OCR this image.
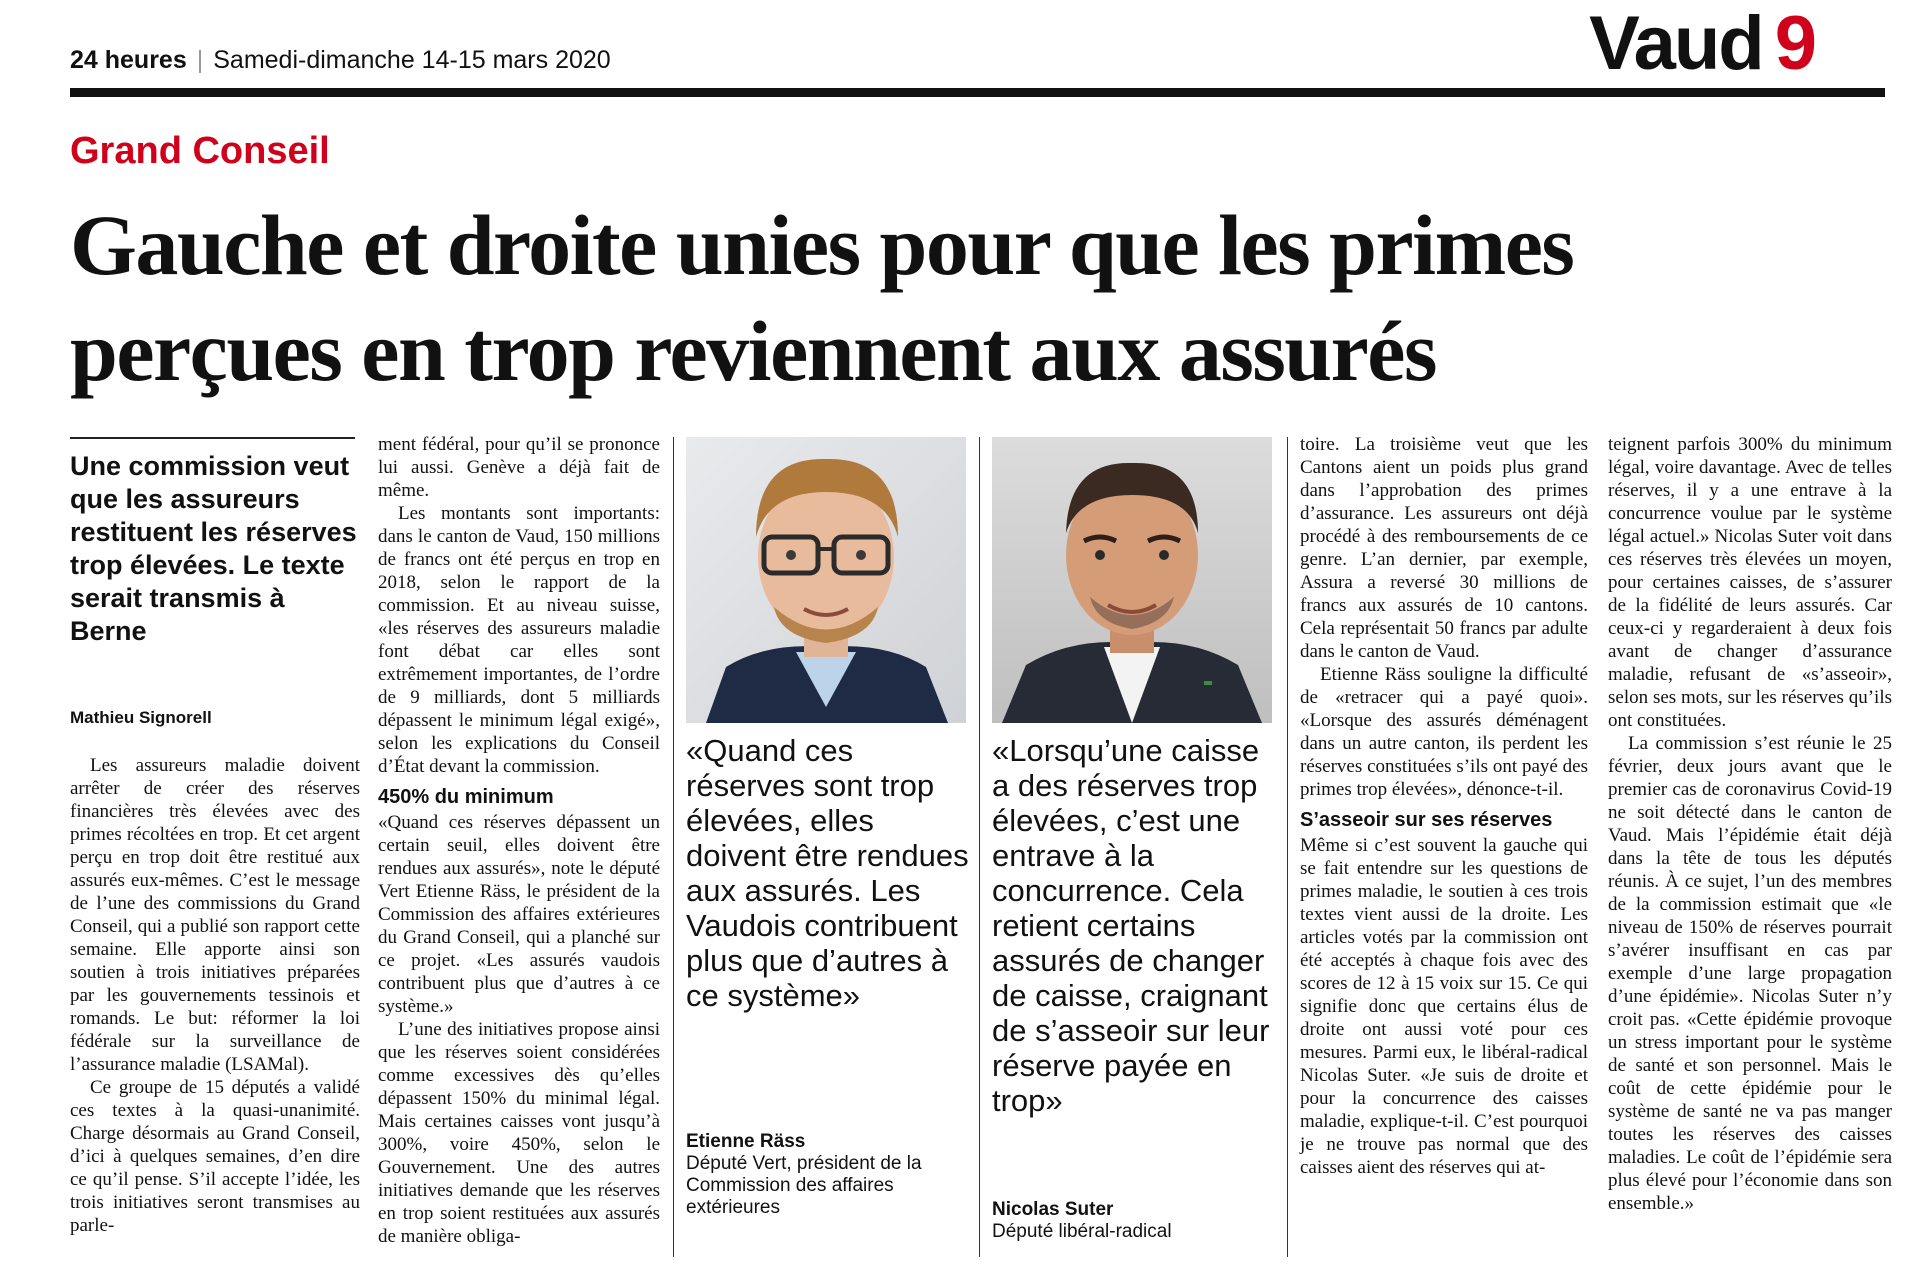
24 heures | Samedi-dimanche 14-15 mars 2020	Vaud 9
Grand Conseil
Gauche et droite unies pour que les primes
perçues en trop reviennent aux assurés
Une commission veut que les assureurs restituent les réserves trop élevées. Le texte serait transmis à Berne
Mathieu Signorell

Les assureurs maladie doivent arrêter de créer des réserves financières très élevées avec des primes récoltées en trop. Et cet argent perçu en trop doit être restitué aux assurés eux-mêmes. C’est le message de l’une des commissions du Grand Conseil, qui a publié son rapport cette semaine. Elle apporte ainsi son soutien à trois initiatives préparées par les gouvernements tessinois et romands. Le but: réformer la loi fédérale sur la surveillance de l’assurance maladie (LSAMal).

Ce groupe de 15 députés a validé ces textes à la quasi-unanimité. Charge désormais au Grand Conseil, d’ici à quelques semaines, d’en dire ce qu’il pense. S’il accepte l’idée, les trois initiatives seront transmises au parle-

ment fédéral, pour qu’il se prononce lui aussi. Genève a déjà fait de même.

Les montants sont importants: dans le canton de Vaud, 150 millions de francs ont été perçus en trop en 2018, selon le rapport de la commission. Et au niveau suisse, «les réserves des assureurs maladie font débat car elles sont extrêmement importantes, de l’ordre de 9 milliards, dont 5 milliards dépassent le minimum légal exigé», selon les explications du Conseil d’État devant la commission.

450% du minimum

«Quand ces réserves dépassent un certain seuil, elles doivent être rendues aux assurés», note le député Vert Etienne Räss, le président de la Commission des affaires extérieures du Grand Conseil, qui a planché sur ce projet. «Les assurés vaudois contribuent plus que d’autres à ce système.»

L’une des initiatives propose ainsi que les réserves soient considérées comme excessives dès qu’elles dépassent 150% du minimal légal. Mais certaines caisses vont jusqu’à 300%, voire 450%, selon le Gouvernement. Une des autres initiatives demande que les réserves en trop soient restituées aux assurés de manière obliga-

«Quand ces réserves sont trop élevées, elles doivent être rendues aux assurés. Les Vaudois contribuent plus que d’autres à ce système»
Etienne Räss
Député Vert, président de la Commission des affaires extérieures
«Lorsqu’une caisse a des réserves trop élevées, c’est une entrave à la concurrence. Cela retient certains assurés de changer de caisse, craignant de s’asseoir sur leur réserve payée en trop»
Nicolas Suter
Député libéral-radical

toire. La troisième veut que les Cantons aient un poids plus grand dans l’approbation des primes d’assurance. Les assureurs ont déjà procédé à des remboursements de ce genre. L’an dernier, par exemple, Assura a reversé 30 millions de francs aux assurés de 10 cantons. Cela représentait 50 francs par adulte dans le canton de Vaud.

Etienne Räss souligne la difficulté de «retracer qui a payé quoi». «Lorsque des assurés déménagent dans un autre canton, ils perdent les réserves constituées s’ils ont payé des primes trop élevées», dénonce-t-il.

S’asseoir sur ses réserves

Même si c’est souvent la gauche qui se fait entendre sur les questions de primes maladie, le soutien à ces trois textes vient aussi de la droite. Les articles votés par la commission ont été acceptés à chaque fois avec des scores de 12 à 15 voix sur 15. Ce qui signifie donc que certains élus de droite ont aussi voté pour ces mesures. Parmi eux, le libéral-radical Nicolas Suter. «Je suis de droite et pour la concurrence des caisses maladie, explique-t-il. C’est pourquoi je ne trouve pas normal que des caisses aient des réserves qui at-

teignent parfois 300% du minimum légal, voire davantage. Avec de telles réserves, il y a une entrave à la concurrence voulue par le système légal actuel.» Nicolas Suter voit dans ces réserves très élevées un moyen, pour certaines caisses, de s’assurer de la fidélité de leurs assurés. Car ceux-ci y regarderaient à deux fois avant de changer d’assurance maladie, refusant de «s’asseoir», selon ses mots, sur les réserves qu’ils ont constituées.

La commission s’est réunie le 25 février, deux jours avant que le premier cas de coronavirus Covid-19 ne soit détecté dans le canton de Vaud. Mais l’épidémie était déjà dans la tête de tous les députés réunis. À ce sujet, l’un des membres de la commission estimait que «le niveau de 150% de réserves pourrait s’avérer insuffisant en cas par exemple d’une large propagation d’une épidémie». Nicolas Suter n’y croit pas. «Cette épidémie provoque un stress important pour le système de santé et son personnel. Mais le coût de cette épidémie pour le système de santé ne va pas manger toutes les réserves des caisses maladies. Le coût de l’épidémie sera plus élevé pour l’économie dans son ensemble.»
